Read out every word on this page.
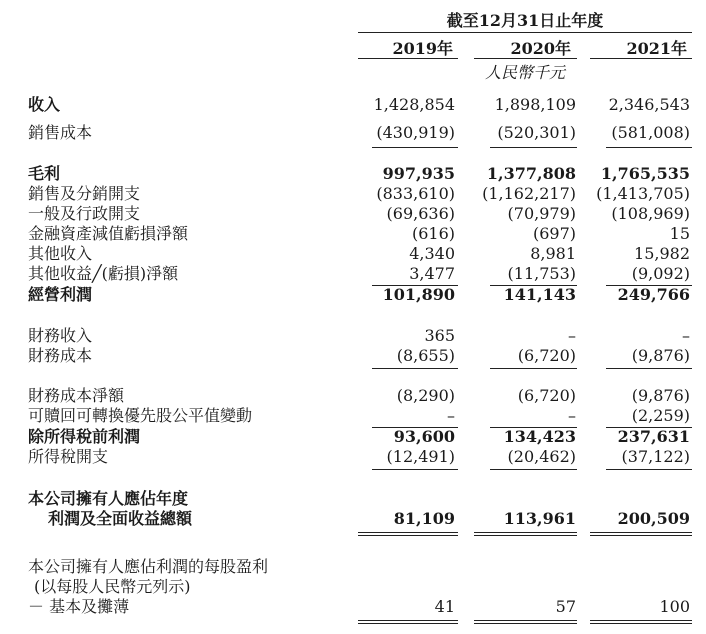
截至12月31日止年度
2019年	2020年	2021年
人民幣千元
收入	1,428,854	1,898,109	2,346,543
銷售成本	(430,919)	(520,301)	(581,008)
毛利	997,935	1,377,808	1,765,535
銷售及分銷開支	(833,610)	(1,162,217)	(1,413,705)
一般及行政開支	(69,636)	(70,979)	(108,969)
金融資產減值虧損淨額	(616)	(697)	15
其他收入	4,340	8,981	15,982
其他收益╱(虧損)淨額	3,477	(11,753)	(9,092)
經營利潤	101,890	141,143	249,766
財務收入	365	–	–
財務成本	(8,655)	(6,720)	(9,876)
財務成本淨額	(8,290)	(6,720)	(9,876)
可贖回可轉換優先股公平值變動	–	–	(2,259)
除所得稅前利潤	93,600	134,423	237,631
所得稅開支	(12,491)	(20,462)	(37,122)
本公司擁有人應佔年度
利潤及全面收益總額	81,109	113,961	200,509
本公司擁有人應佔利潤的每股盈利
(以每股人民幣元列示)
－ 基本及攤薄	41	57	100
